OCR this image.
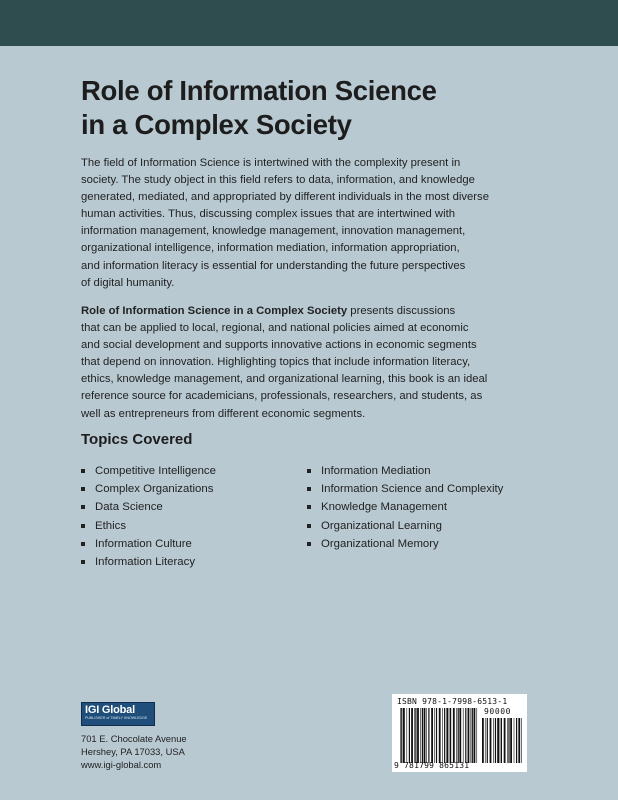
Role of Information Science
in a Complex Society
The field of Information Science is intertwined with the complexity present in
society. The study object in this field refers to data, information, and knowledge
generated, mediated, and appropriated by different individuals in the most diverse
human activities. Thus, discussing complex issues that are intertwined with
information management, knowledge management, innovation management,
organizational intelligence, information mediation, information appropriation,
and information literacy is essential for understanding the future perspectives
of digital humanity.
Role of Information Science in a Complex Society presents discussions
that can be applied to local, regional, and national policies aimed at economic
and social development and supports innovative actions in economic segments
that depend on innovation. Highlighting topics that include information literacy,
ethics, knowledge management, and organizational learning, this book is an ideal
reference source for academicians, professionals, researchers, and students, as
well as entrepreneurs from different economic segments.
Topics Covered
Competitive Intelligence
Complex Organizations
Data Science
Ethics
Information Culture
Information Literacy
Information Mediation
Information Science and Complexity
Knowledge Management
Organizational Learning
Organizational Memory
IGI Global
PUBLISHER of TIMELY KNOWLEDGE
701 E. Chocolate Avenue
Hershey, PA 17033, USA
www.igi-global.com
ISBN 978-1-7998-6513-1
90000
9 781799 865131
